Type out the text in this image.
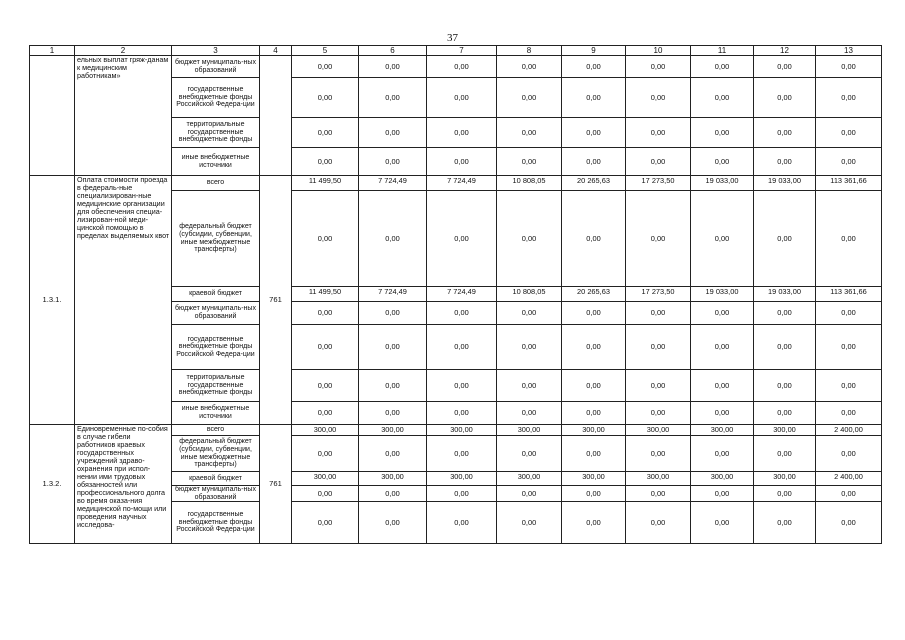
37
1	2	3	4	5	6	7	8	9	10	11	12	13
	ельных выплат гряж-данам к медицинским работникам»	бюджет муниципаль-ных образований		0,00	0,00	0,00	0,00	0,00	0,00	0,00	0,00	0,00
		государственные внебюджетные фонды Российской Федера-ции		0,00	0,00	0,00	0,00	0,00	0,00	0,00	0,00	0,00
		территориальные государственные внебюджетные фонды		0,00	0,00	0,00	0,00	0,00	0,00	0,00	0,00	0,00
		иные внебюджетные источники		0,00	0,00	0,00	0,00	0,00	0,00	0,00	0,00	0,00
1.3.1.	Оплата стоимости проезда в федераль-ные специализирован-ные медицинские организации для обеспечения специа-лизирован-ной меди-цинской помощью в пределах выделяемых квот	всего	761	11 499,50	7 724,49	7 724,49	10 808,05	20 265,63	17 273,50	19 033,00	19 033,00	113 361,66
		федеральный бюджет (субсидии, субвенции, иные межбюджетные трансферты)		0,00	0,00	0,00	0,00	0,00	0,00	0,00	0,00	0,00
		краевой бюджет		11 499,50	7 724,49	7 724,49	10 808,05	20 265,63	17 273,50	19 033,00	19 033,00	113 361,66
		бюджет муниципаль-ных образований		0,00	0,00	0,00	0,00	0,00	0,00	0,00	0,00	0,00
		государственные внебюджетные фонды Российской Федера-ции		0,00	0,00	0,00	0,00	0,00	0,00	0,00	0,00	0,00
		территориальные государственные внебюджетные фонды		0,00	0,00	0,00	0,00	0,00	0,00	0,00	0,00	0,00
		иные внебюджетные источники		0,00	0,00	0,00	0,00	0,00	0,00	0,00	0,00	0,00
1.3.2.	Единовременные по-собия в случае гибели работников краевых государственных учреждений здраво-охранения при испол-нении ими трудовых обязанностей или профессионального долга во время оказа-ния медицинской по-мощи или проведения научных исследова-	всего	761	300,00	300,00	300,00	300,00	300,00	300,00	300,00	300,00	2 400,00
		федеральный бюджет (субсидии, субвенции, иные межбюджетные трансферты)		0,00	0,00	0,00	0,00	0,00	0,00	0,00	0,00	0,00
		краевой бюджет		300,00	300,00	300,00	300,00	300,00	300,00	300,00	300,00	2 400,00
		бюджет муниципаль-ных образований		0,00	0,00	0,00	0,00	0,00	0,00	0,00	0,00	0,00
		государственные внебюджетные фонды Российской Федера-ции		0,00	0,00	0,00	0,00	0,00	0,00	0,00	0,00	0,00
